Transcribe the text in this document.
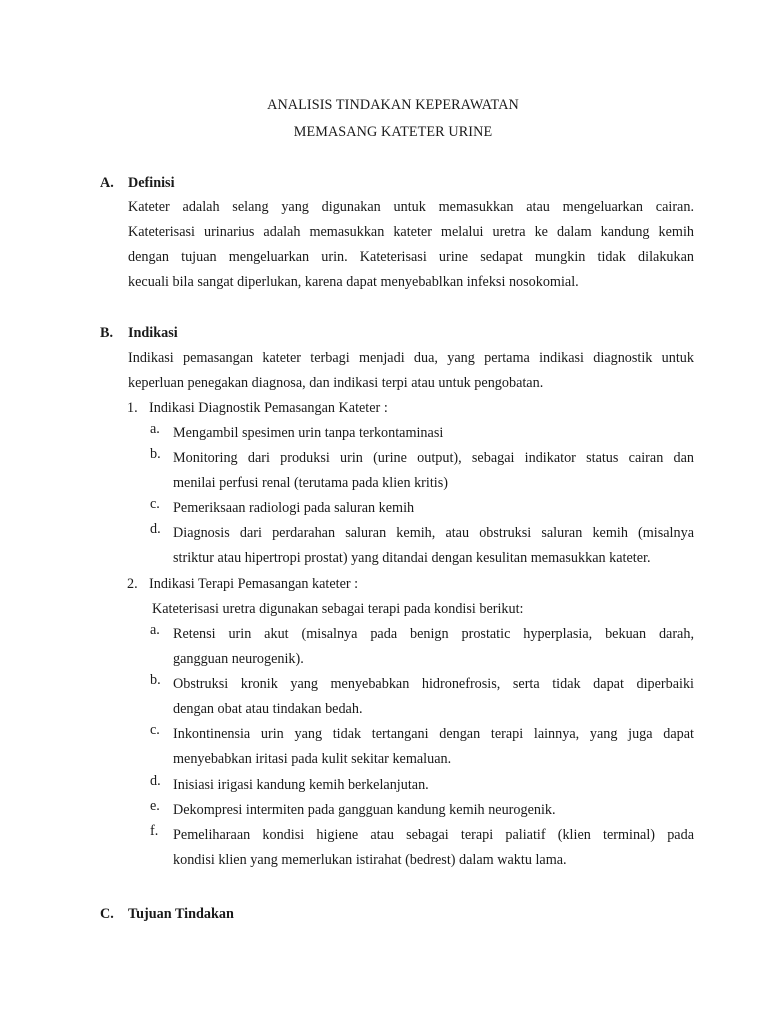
ANALISIS TINDAKAN KEPERAWATAN
MEMASANG KATETER URINE
A. Definisi
Kateter adalah selang yang digunakan untuk memasukkan atau mengeluarkan cairan.
Kateterisasi urinarius adalah memasukkan kateter melalui uretra ke dalam kandung kemih
dengan tujuan mengeluarkan urin. Kateterisasi urine sedapat mungkin tidak dilakukan
kecuali bila sangat diperlukan, karena dapat menyebablkan infeksi nosokomial.
B. Indikasi
Indikasi pemasangan kateter terbagi menjadi dua, yang pertama indikasi diagnostik untuk
keperluan penegakan diagnosa, dan indikasi terpi atau untuk pengobatan.
1. Indikasi Diagnostik Pemasangan Kateter :
a. Mengambil spesimen urin tanpa terkontaminasi
b. Monitoring dari produksi urin (urine output), sebagai indikator status cairan dan
menilai perfusi renal (terutama pada klien kritis)
c. Pemeriksaan radiologi pada saluran kemih
d. Diagnosis dari perdarahan saluran kemih, atau obstruksi saluran kemih (misalnya
striktur atau hipertropi prostat) yang ditandai dengan kesulitan memasukkan kateter.
2. Indikasi Terapi Pemasangan kateter :
Kateterisasi uretra digunakan sebagai terapi pada kondisi berikut:
a. Retensi urin akut (misalnya pada benign prostatic hyperplasia, bekuan darah,
gangguan neurogenik).
b. Obstruksi kronik yang menyebabkan hidronefrosis, serta tidak dapat diperbaiki
dengan obat atau tindakan bedah.
c. Inkontinensia urin yang tidak tertangani dengan terapi lainnya, yang juga dapat
menyebabkan iritasi pada kulit sekitar kemaluan.
d. Inisiasi irigasi kandung kemih berkelanjutan.
e. Dekompresi intermiten pada gangguan kandung kemih neurogenik.
f. Pemeliharaan kondisi higiene atau sebagai terapi paliatif (klien terminal) pada
kondisi klien yang memerlukan istirahat (bedrest) dalam waktu lama.
C. Tujuan Tindakan
